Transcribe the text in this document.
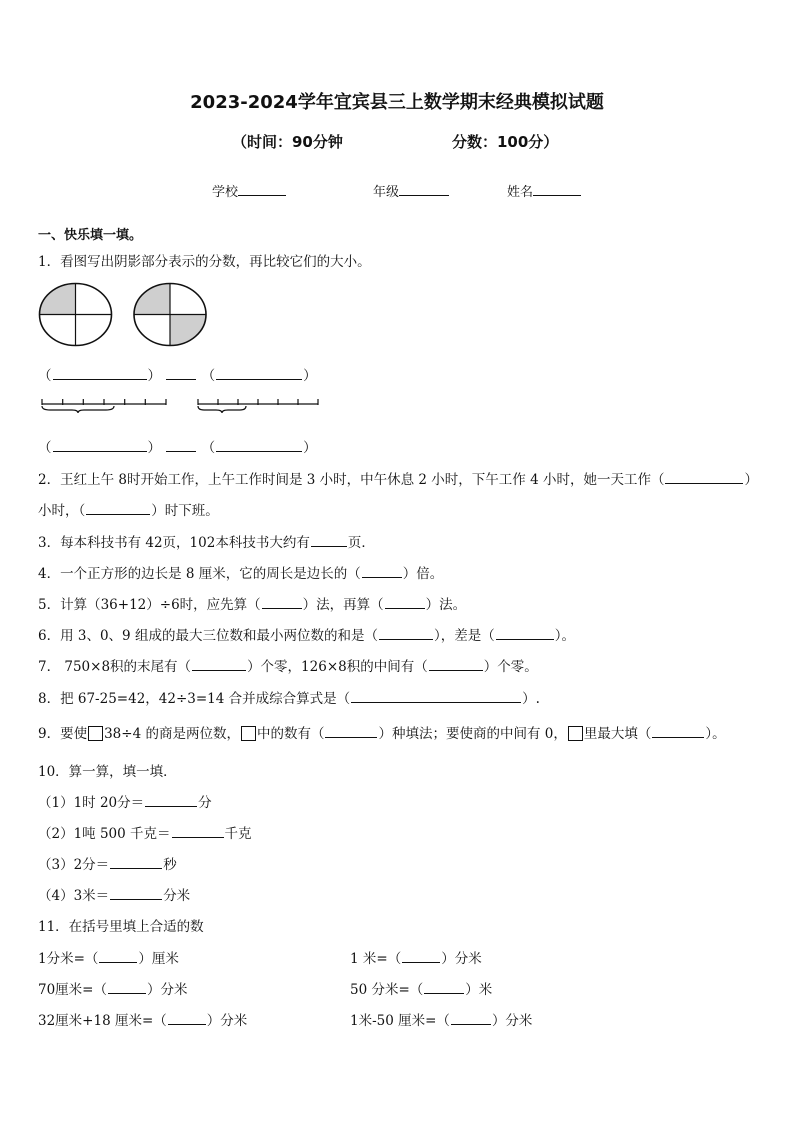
2023-2024学年宜宾县三上数学期末经典模拟试题
（时间：90分钟	分数：100分）
学校	年级	姓名
一、快乐填一填。
1．看图写出阴影部分表示的分数，再比较它们的大小。
（	）	（	）
（	）	（	）
2．王红上午 8时开始工作，上午工作时间是 3 小时，中午休息 2 小时，下午工作 4 小时，她一天工作（	）
小时，（	）时下班。
3．每本科技书有 42页，102本科技书大约有	页．
4．一个正方形的边长是 8 厘米，它的周长是边长的（	）倍。
5．计算（36+12）÷6时，应先算（	）法，再算（	）法。
6．用 3、0、9 组成的最大三位数和最小两位数的和是（	），差是（	）。
7． 750×8积的末尾有（	）个零，126×8积的中间有（	）个零。
8．把 67-25=42，42÷3=14 合并成综合算式是（	）.
9．要使 38÷4 的商是两位数， 中的数有（	）种填法；要使商的中间有 0， 里最大填（	）。
10．算一算，填一填．
（1）1时 20分＝	分
（2）1吨 500 千克＝	千克
（3）2分＝	秒
（4）3米＝	分米
11．在括号里填上合适的数
1分米=（	）厘米	1 米=（	）分米
70厘米=（	）分米	50 分米=（	）米
32厘米+18 厘米=（	）分米	1米-50 厘米=（	）分米
